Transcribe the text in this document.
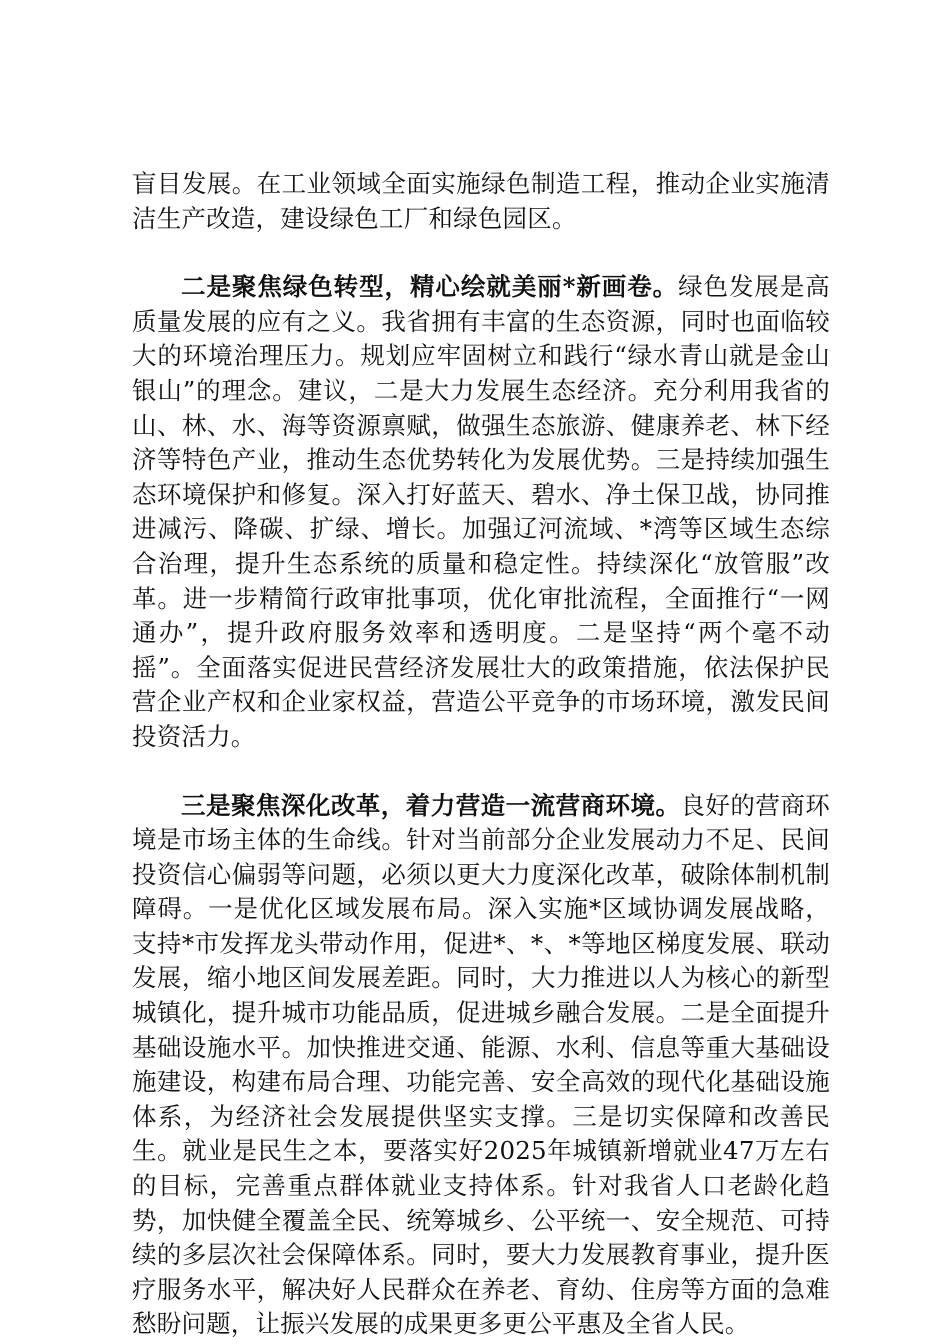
盲目发展。在工业领域全面实施绿色制造工程，推动企业实施清洁生产改造，建设绿色工厂和绿色园区。

二是聚焦绿色转型，精心绘就美丽*新画卷。绿色发展是高质量发展的应有之义。我省拥有丰富的生态资源，同时也面临较大的环境治理压力。规划应牢固树立和践行“绿水青山就是金山银山”的理念。建议，二是大力发展生态经济。充分利用我省的山、林、水、海等资源禀赋，做强生态旅游、健康养老、林下经济等特色产业，推动生态优势转化为发展优势。三是持续加强生态环境保护和修复。深入打好蓝天、碧水、净土保卫战，协同推进减污、降碳、扩绿、增长。加强辽河流域、*湾等区域生态综合治理，提升生态系统的质量和稳定性。持续深化“放管服”改革。进一步精简行政审批事项，优化审批流程，全面推行“一网通办”，提升政府服务效率和透明度。二是坚持“两个毫不动摇”。全面落实促进民营经济发展壮大的政策措施，依法保护民营企业产权和企业家权益，营造公平竞争的市场环境，激发民间投资活力。

三是聚焦深化改革，着力营造一流营商环境。良好的营商环境是市场主体的生命线。针对当前部分企业发展动力不足、民间投资信心偏弱等问题，必须以更大力度深化改革，破除体制机制障碍。一是优化区域发展布局。深入实施*区域协调发展战略，支持*市发挥龙头带动作用，促进*、*、*等地区梯度发展、联动发展，缩小地区间发展差距。同时，大力推进以人为核心的新型城镇化，提升城市功能品质，促进城乡融合发展。二是全面提升基础设施水平。加快推进交通、能源、水利、信息等重大基础设施建设，构建布局合理、功能完善、安全高效的现代化基础设施体系，为经济社会发展提供坚实支撑。三是切实保障和改善民生。就业是民生之本，要落实好2025年城镇新增就业47万左右的目标，完善重点群体就业支持体系。针对我省人口老龄化趋势，加快健全覆盖全民、统筹城乡、公平统一、安全规范、可持续的多层次社会保障体系。同时，要大力发展教育事业，提升医疗服务水平，解决好人民群众在养老、育幼、住房等方面的急难愁盼问题，让振兴发展的成果更多更公平惠及全省人民。
